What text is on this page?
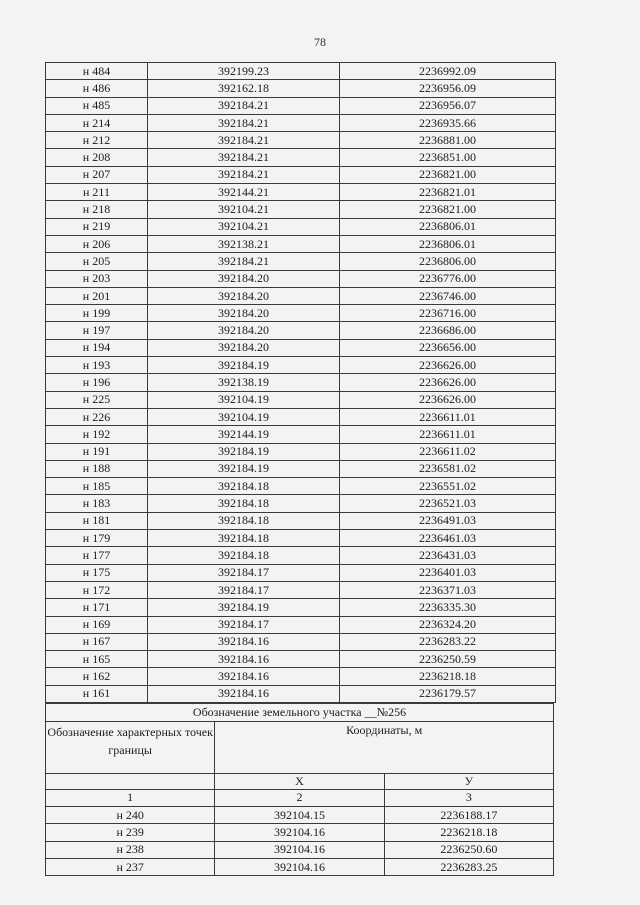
78
н 484	392199.23	2236992.09
н 486	392162.18	2236956.09
н 485	392184.21	2236956.07
н 214	392184.21	2236935.66
н 212	392184.21	2236881.00
н 208	392184.21	2236851.00
н 207	392184.21	2236821.00
н 211	392144.21	2236821.01
н 218	392104.21	2236821.00
н 219	392104.21	2236806.01
н 206	392138.21	2236806.01
н 205	392184.21	2236806.00
н 203	392184.20	2236776.00
н 201	392184.20	2236746.00
н 199	392184.20	2236716.00
н 197	392184.20	2236686.00
н 194	392184.20	2236656.00
н 193	392184.19	2236626.00
н 196	392138.19	2236626.00
н 225	392104.19	2236626.00
н 226	392104.19	2236611.01
н 192	392144.19	2236611.01
н 191	392184.19	2236611.02
н 188	392184.19	2236581.02
н 185	392184.18	2236551.02
н 183	392184.18	2236521.03
н 181	392184.18	2236491.03
н 179	392184.18	2236461.03
н 177	392184.18	2236431.03
н 175	392184.17	2236401.03
н 172	392184.17	2236371.03
н 171	392184.19	2236335.30
н 169	392184.17	2236324.20
н 167	392184.16	2236283.22
н 165	392184.16	2236250.59
н 162	392184.16	2236218.18
н 161	392184.16	2236179.57
Обозначение земельного участка __№256		
Обозначение характерных точек границы	Координаты, м	

	X	У
1	2	3
н 240	392104.15	2236188.17
н 239	392104.16	2236218.18
н 238	392104.16	2236250.60
н 237	392104.16	2236283.25
